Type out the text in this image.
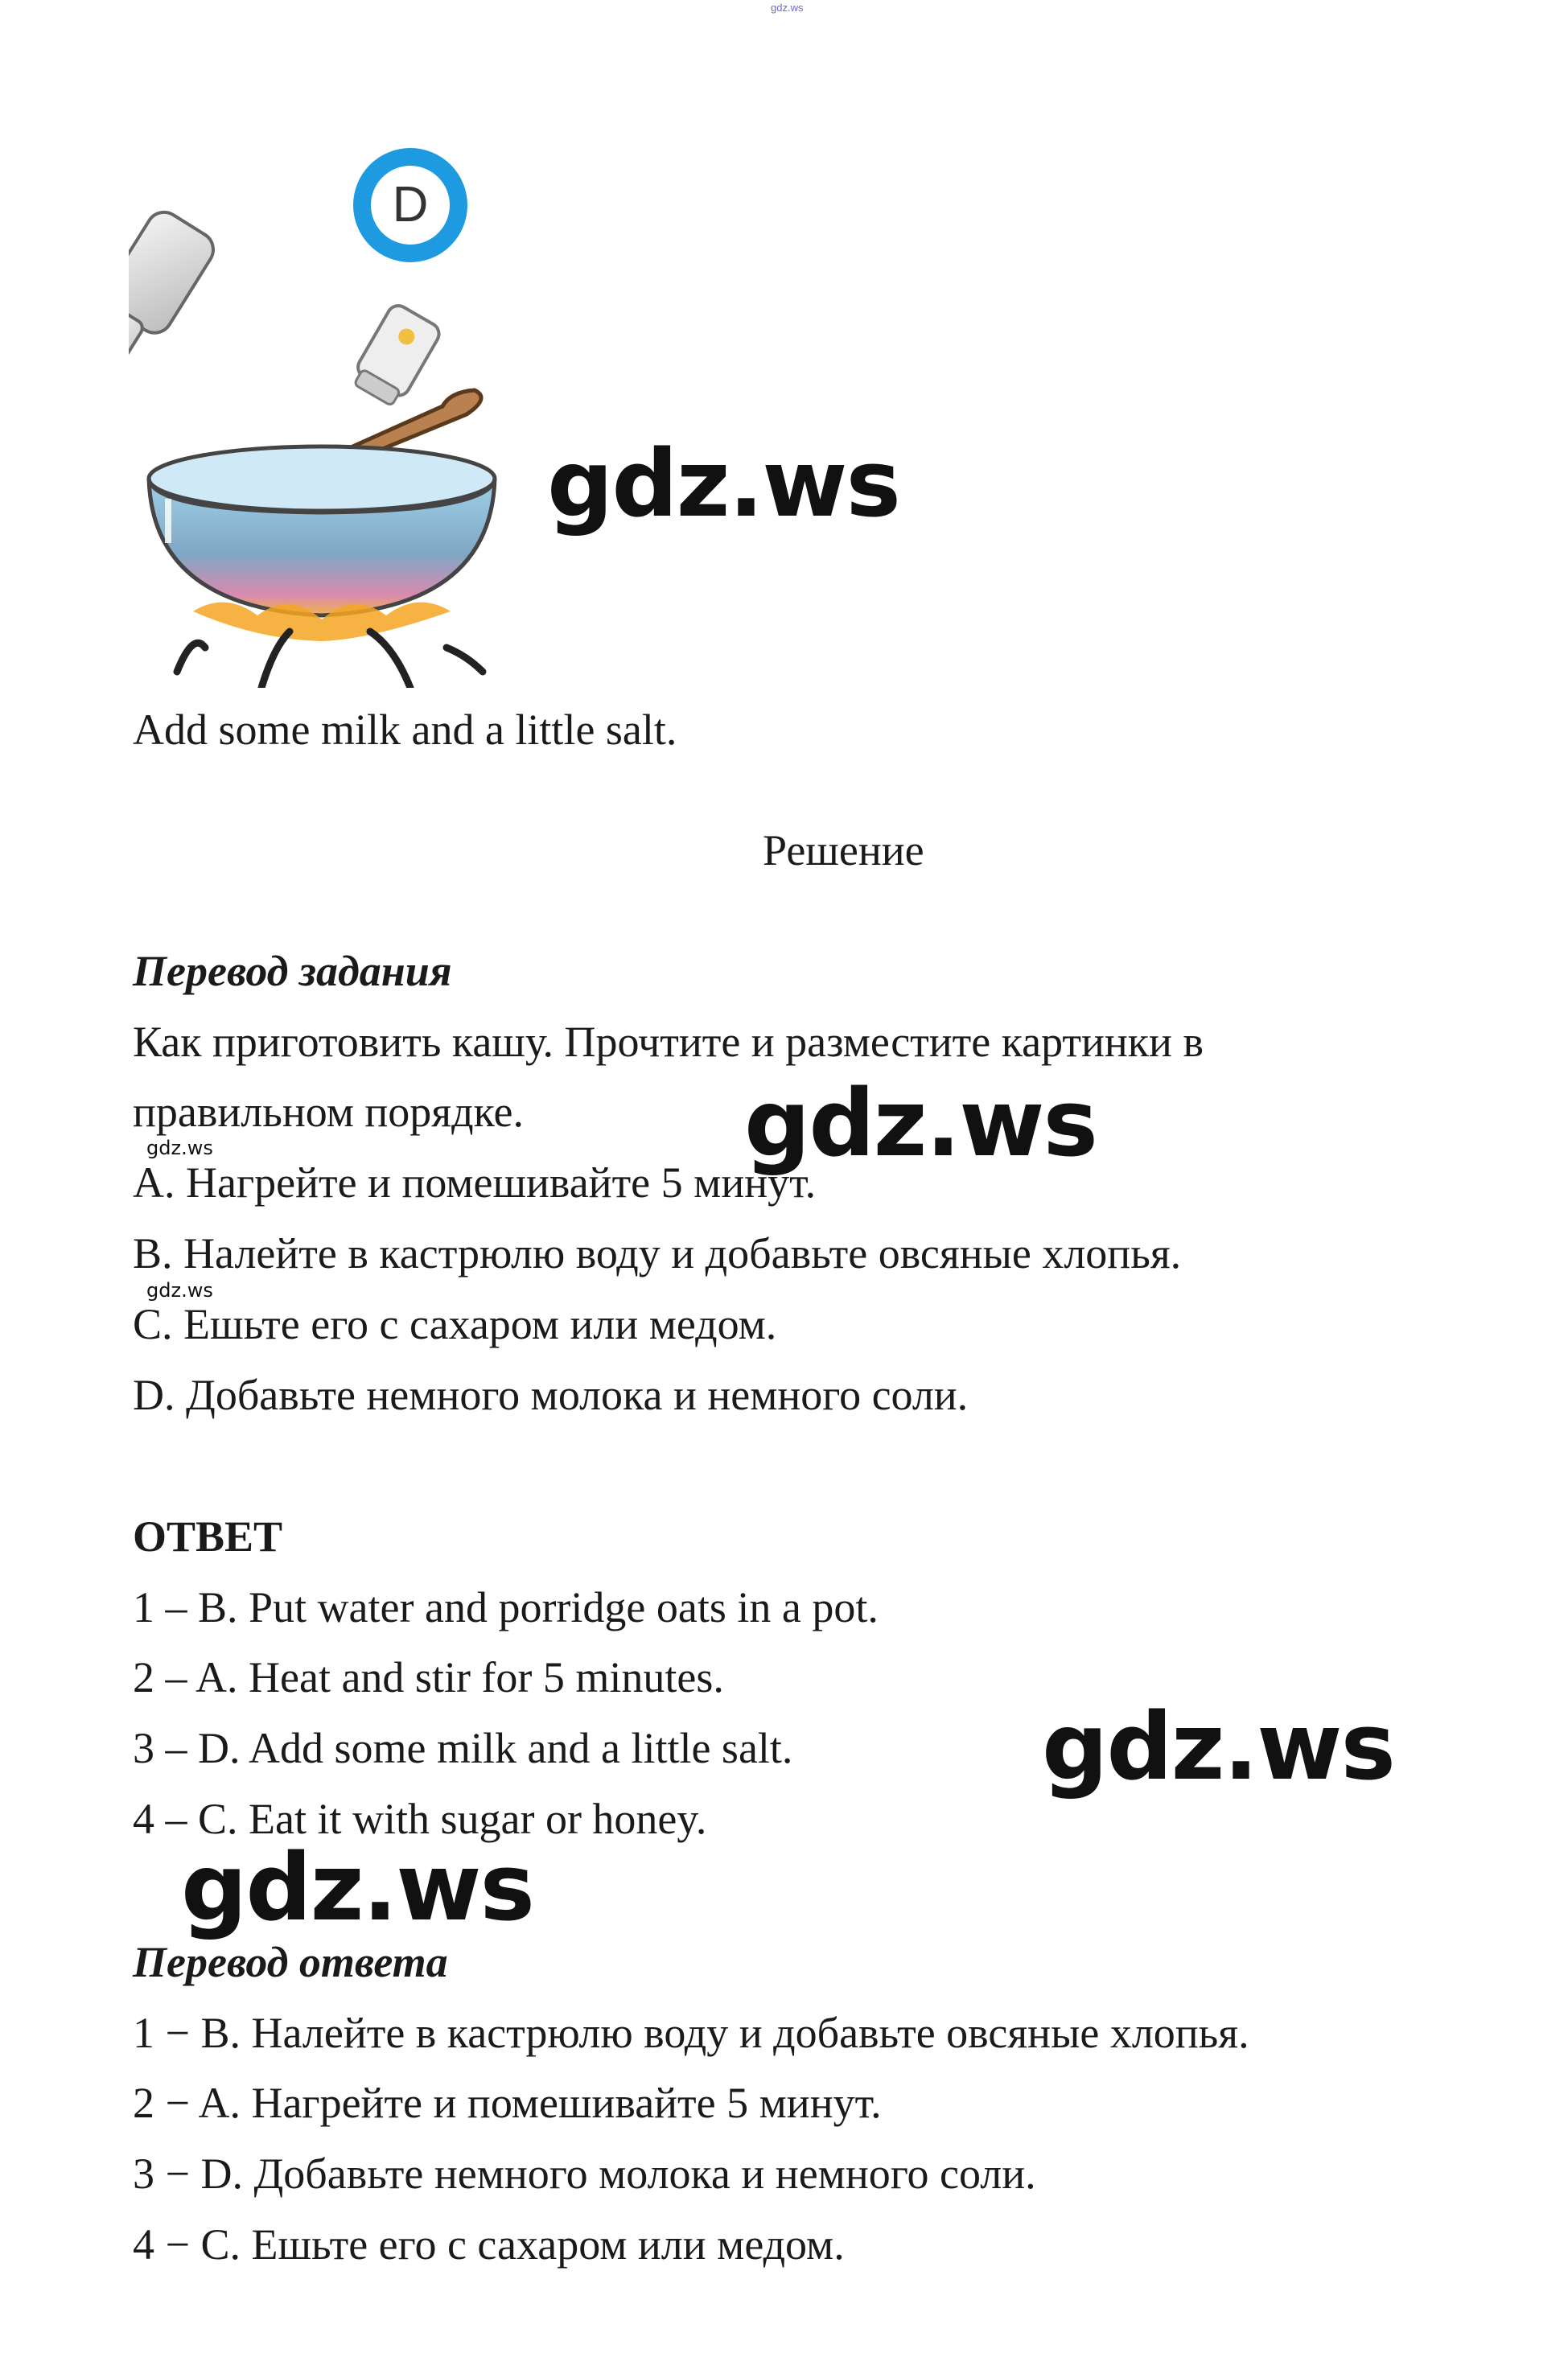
gdz.ws
D
gdz.ws
gdz.ws
gdz.ws
gdz.ws
gdz.ws
gdz.ws
Add some milk and a little salt.
Решение
Перевод задания
Как приготовить кашу. Прочтите и разместите картинки в
правильном порядке.
A. Нагрейте и помешивайте 5 минут.
B. Налейте в кастрюлю воду и добавьте овсяные хлопья.
C. Ешьте его с сахаром или медом.
D. Добавьте немного молока и немного соли.
ОТВЕТ
1 – B. Put water and porridge oats in a pot.
2 – A. Heat and stir for 5 minutes.
3 – D. Add some milk and a little salt.
4 – C. Eat it with sugar or honey.
Перевод ответа
1 − B. Налейте в кастрюлю воду и добавьте овсяные хлопья.
2 − A. Нагрейте и помешивайте 5 минут.
3 − D. Добавьте немного молока и немного соли.
4 − C. Ешьте его с сахаром или медом.
